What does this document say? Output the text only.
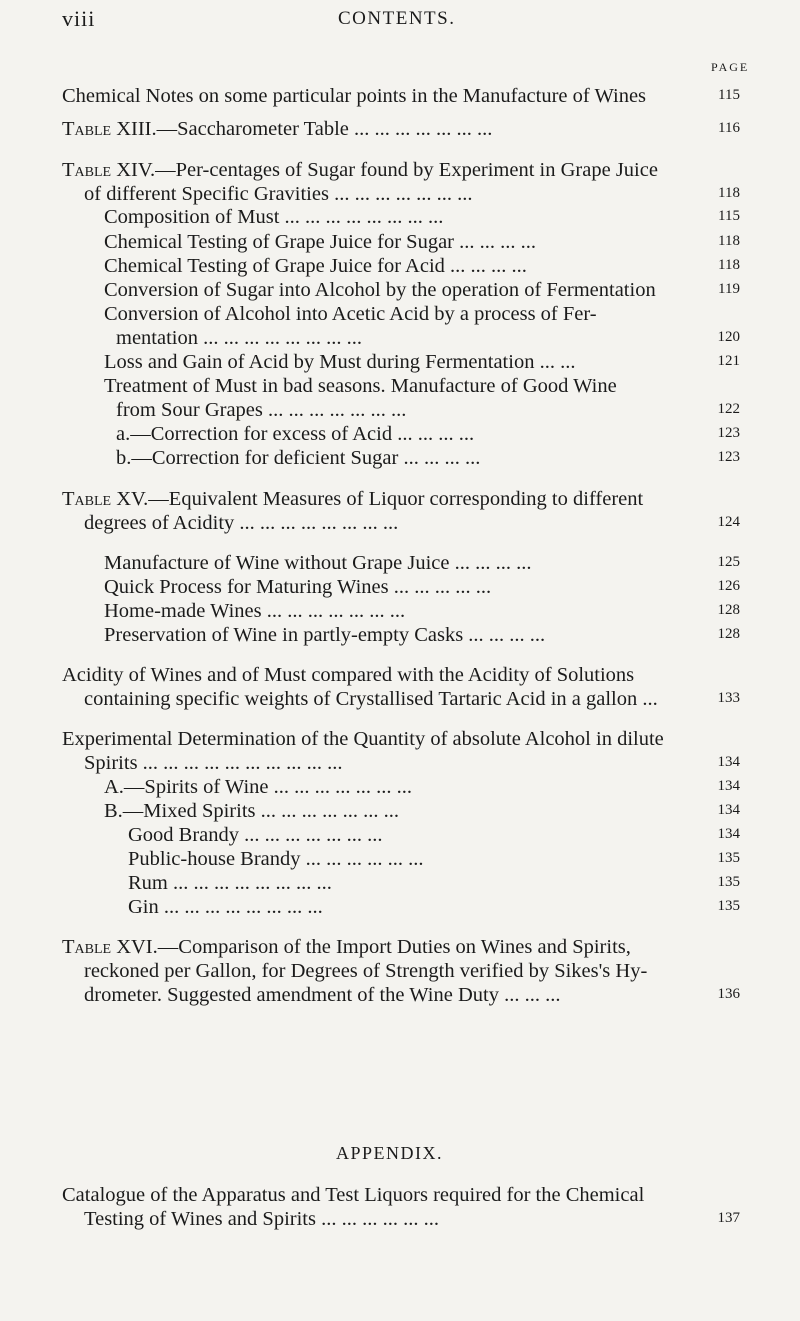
viii	CONTENTS.
PAGE
Chemical Notes on some particular points in the Manufacture of Wines	115
Table XIII.—Saccharometer Table ... ... ... ... ... ... ...	116
Table XIV.—Per-centages of Sugar found by Experiment in Grape Juice
of different Specific Gravities ... ... ... ... ... ... ...	118
Composition of Must ... ... ... ... ... ... ... ...	115
Chemical Testing of Grape Juice for Sugar ... ... ... ...	118
Chemical Testing of Grape Juice for Acid ... ... ... ...	118
Conversion of Sugar into Alcohol by the operation of Fermentation	119
Conversion of Alcohol into Acetic Acid by a process of Fer-
mentation ... ... ... ... ... ... ... ...	120
Loss and Gain of Acid by Must during Fermentation ... ...	121
Treatment of Must in bad seasons. Manufacture of Good Wine
from Sour Grapes ... ... ... ... ... ... ...	122
a.—Correction for excess of Acid ... ... ... ...	123
b.—Correction for deficient Sugar ... ... ... ...	123
Table XV.—Equivalent Measures of Liquor corresponding to different
degrees of Acidity ... ... ... ... ... ... ... ...	124
Manufacture of Wine without Grape Juice ... ... ... ...	125
Quick Process for Maturing Wines ... ... ... ... ...	126
Home-made Wines ... ... ... ... ... ... ...	128
Preservation of Wine in partly-empty Casks ... ... ... ...	128
Acidity of Wines and of Must compared with the Acidity of Solutions
containing specific weights of Crystallised Tartaric Acid in a gallon ...	133
Experimental Determination of the Quantity of absolute Alcohol in dilute
Spirits ... ... ... ... ... ... ... ... ... ...	134
A.—Spirits of Wine ... ... ... ... ... ... ...	134
B.—Mixed Spirits ... ... ... ... ... ... ...	134
Good Brandy ... ... ... ... ... ... ...	134
Public-house Brandy ... ... ... ... ... ...	135
Rum ... ... ... ... ... ... ... ...	135
Gin ... ... ... ... ... ... ... ...	135
Table XVI.—Comparison of the Import Duties on Wines and Spirits,
reckoned per Gallon, for Degrees of Strength verified by Sikes's Hy-
drometer. Suggested amendment of the Wine Duty ... ... ...	136
Catalogue of the Apparatus and Test Liquors required for the Chemical
Testing of Wines and Spirits ... ... ... ... ... ...	137
APPENDIX.
